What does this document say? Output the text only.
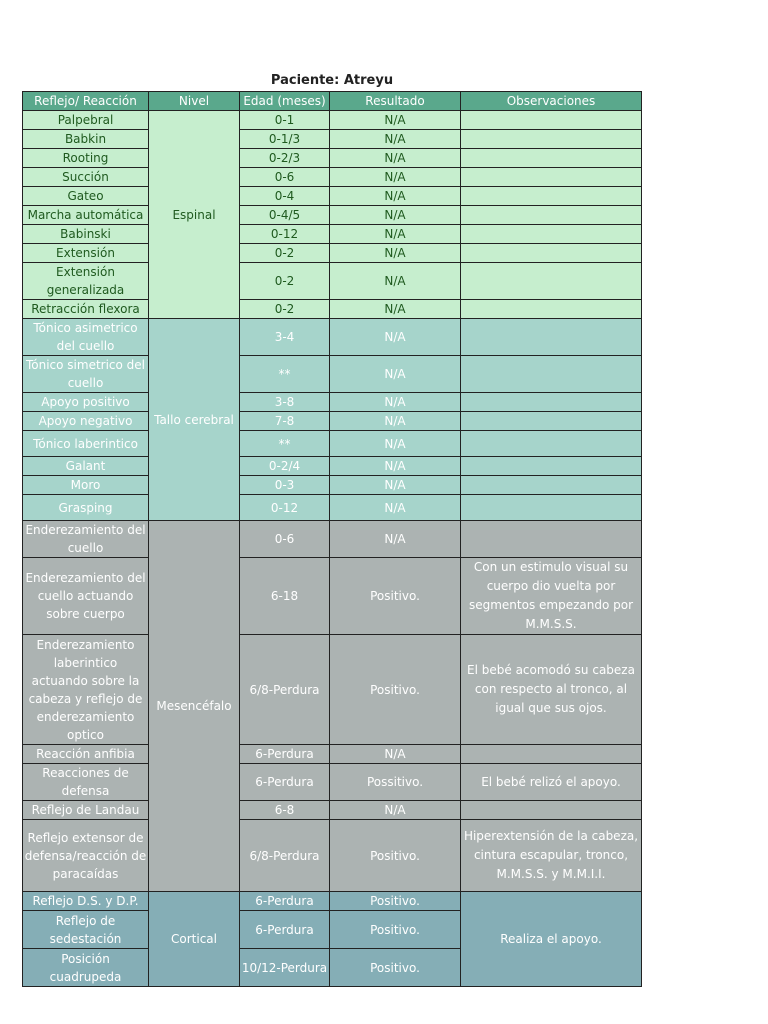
Paciente: Atreyu
Reflejo/ Reacción	Nivel	Edad (meses)	Resultado	Observaciones
Palpebral	Espinal	0-1	N/A	
Babkin		0-1/3	N/A	
Rooting		0-2/3	N/A	
Succión		0-6	N/A	
Gateo		0-4	N/A	
Marcha automática		0-4/5	N/A	
Babinski		0-12	N/A	
Extensión		0-2	N/A	
Extensión generalizada		0-2	N/A	
Retracción flexora		0-2	N/A	
Tónico asimetrico del cuello	Tallo cerebral	3-4	N/A	
Tónico simetrico del cuello		**	N/A	
Apoyo positivo		3-8	N/A	
Apoyo negativo		7-8	N/A	
Tónico laberintico		**	N/A	
Galant		0-2/4	N/A	
Moro		0-3	N/A	
Grasping		0-12	N/A	
Enderezamiento del cuello	Mesencéfalo	0-6	N/A	
Enderezamiento del cuello actuando sobre cuerpo		6-18	Positivo.	Con un estimulo visual su cuerpo dio vuelta por segmentos empezando por M.M.S.S.
Enderezamiento laberintico actuando sobre la cabeza y reflejo de enderezamiento optico		6/8-Perdura	Positivo.	El bebé acomodó su cabeza con respecto al tronco, al igual que sus ojos.
Reacción anfibia		6-Perdura	N/A	
Reacciones de defensa		6-Perdura	Possitivo.	El bebé relizó el apoyo.
Reflejo de Landau		6-8	N/A	
Reflejo extensor de defensa/reacción de paracaídas		6/8-Perdura	Positivo.	Hiperextensión de la cabeza, cintura escapular, tronco, M.M.S.S. y M.M.I.I.
Reflejo D.S. y D.P.	Cortical	6-Perdura	Positivo.	Realiza el apoyo.
Reflejo de sedestación		6-Perdura	Positivo.	
Posición cuadrupeda		10/12-Perdura	Positivo.	
